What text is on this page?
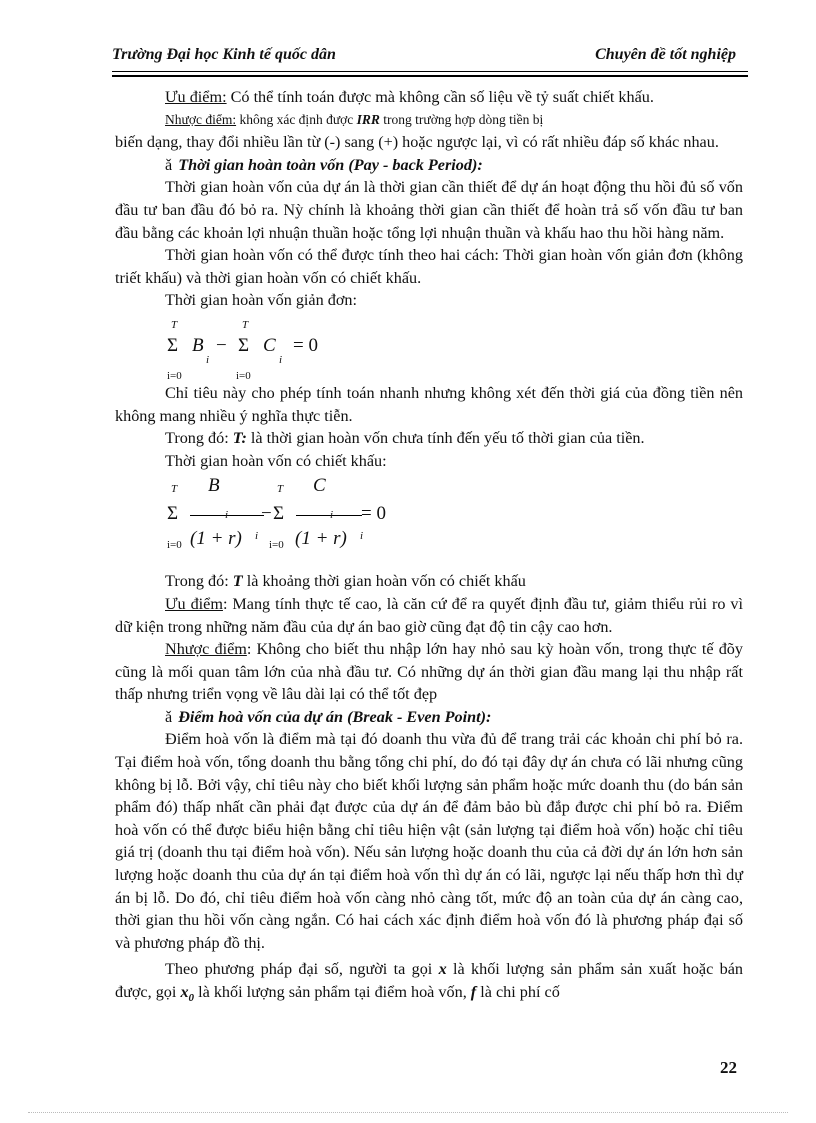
Trường Đại học Kinh tế quốc dân	Chuyên đề tốt nghiệp

Ưu điểm: Có thể tính toán được mà không cần số liệu về tỷ suất chiết khấu.

Nhược điểm: không xác định được IRR trong trường hợp dòng tiền bị

biến dạng, thay đổi nhiều lần từ (-) sang (+) hoặc ngược lại, vì có rất nhiều đáp số khác nhau.

ǎ Thời gian hoàn toàn vốn (Pay - back Period):

Thời gian hoàn vốn của dự án là thời gian cần thiết để dự án hoạt động thu hồi đủ số vốn đầu tư ban đầu đó bỏ ra. Nỳ chính là khoảng thời gian cần thiết để hoàn trả số vốn đầu tư ban đầu bằng các khoản lợi nhuận thuần hoặc tổng lợi nhuận thuần và khấu hao thu hồi hàng năm.

Thời gian hoàn vốn có thể được tính theo hai cách: Thời gian hoàn vốn giản đơn (không triết khấu) và thời gian hoàn vốn có chiết khấu.

Thời gian hoàn vốn giản đơn:

T	T
Σ B
i
− Σ C
i
= 0
i=0	i=0

Chỉ tiêu này cho phép tính toán nhanh nhưng không xét đến thời giá của đồng tiền nên không mang nhiều ý nghĩa thực tiễn.

Trong đó: T: là thời gian hoàn vốn chưa tính đến yếu tố thời gian của tiền.

Thời gian hoàn vốn có chiết khấu:

T B	T C
Σ	i − Σ	i = 0
i=0 (1 + r) i
i=0 (1 + r) i

Trong đó: T là khoảng thời gian hoàn vốn có chiết khấu

Ưu điểm: Mang tính thực tế cao, là căn cứ để ra quyết định đầu tư, giảm thiểu rủi ro vì dữ kiện trong những năm đầu của dự án bao giờ cũng đạt độ tin cậy cao hơn.

Nhược điểm: Không cho biết thu nhập lớn hay nhỏ sau kỳ hoàn vốn, trong thực tế đõy cũng là mối quan tâm lớn của nhà đầu tư. Có những dự án thời gian đầu mang lại thu nhập rất thấp nhưng triển vọng về lâu dài lại có thể tốt đẹp

ǎ Điểm hoà vốn của dự án (Break - Even Point):

Điểm hoà vốn là điểm mà tại đó doanh thu vừa đủ để trang trải các khoản chi phí bỏ ra. Tại điểm hoà vốn, tổng doanh thu bằng tổng chi phí, do đó tại đây dự án chưa có lãi nhưng cũng không bị lỗ. Bởi vậy, chỉ tiêu này cho biết khối lượng sản phẩm hoặc mức doanh thu (do bán sản phẩm đó) thấp nhất cần phải đạt được của dự án để đảm bảo bù đắp được chi phí bỏ ra. Điểm hoà vốn có thể được biểu hiện bằng chỉ tiêu hiện vật (sản lượng tại điểm hoà vốn) hoặc chỉ tiêu giá trị (doanh thu tại điểm hoà vốn). Nếu sản lượng hoặc doanh thu của cả đời dự án lớn hơn sản lượng hoặc doanh thu của dự án tại điểm hoà vốn thì dự án có lãi, ngược lại nếu thấp hơn thì dự án bị lỗ. Do đó, chỉ tiêu điểm hoà vốn càng nhỏ càng tốt, mức độ an toàn của dự án càng cao, thời gian thu hồi vốn càng ngắn. Có hai cách xác định điểm hoà vốn đó là phương pháp đại số và phương pháp đồ thị.

Theo phương pháp đại số, người ta gọi x là khối lượng sản phẩm sản xuất hoặc bán được, gọi $x_0$ là khối lượng sản phẩm tại điểm hoà vốn, f là chi phí cố

22
